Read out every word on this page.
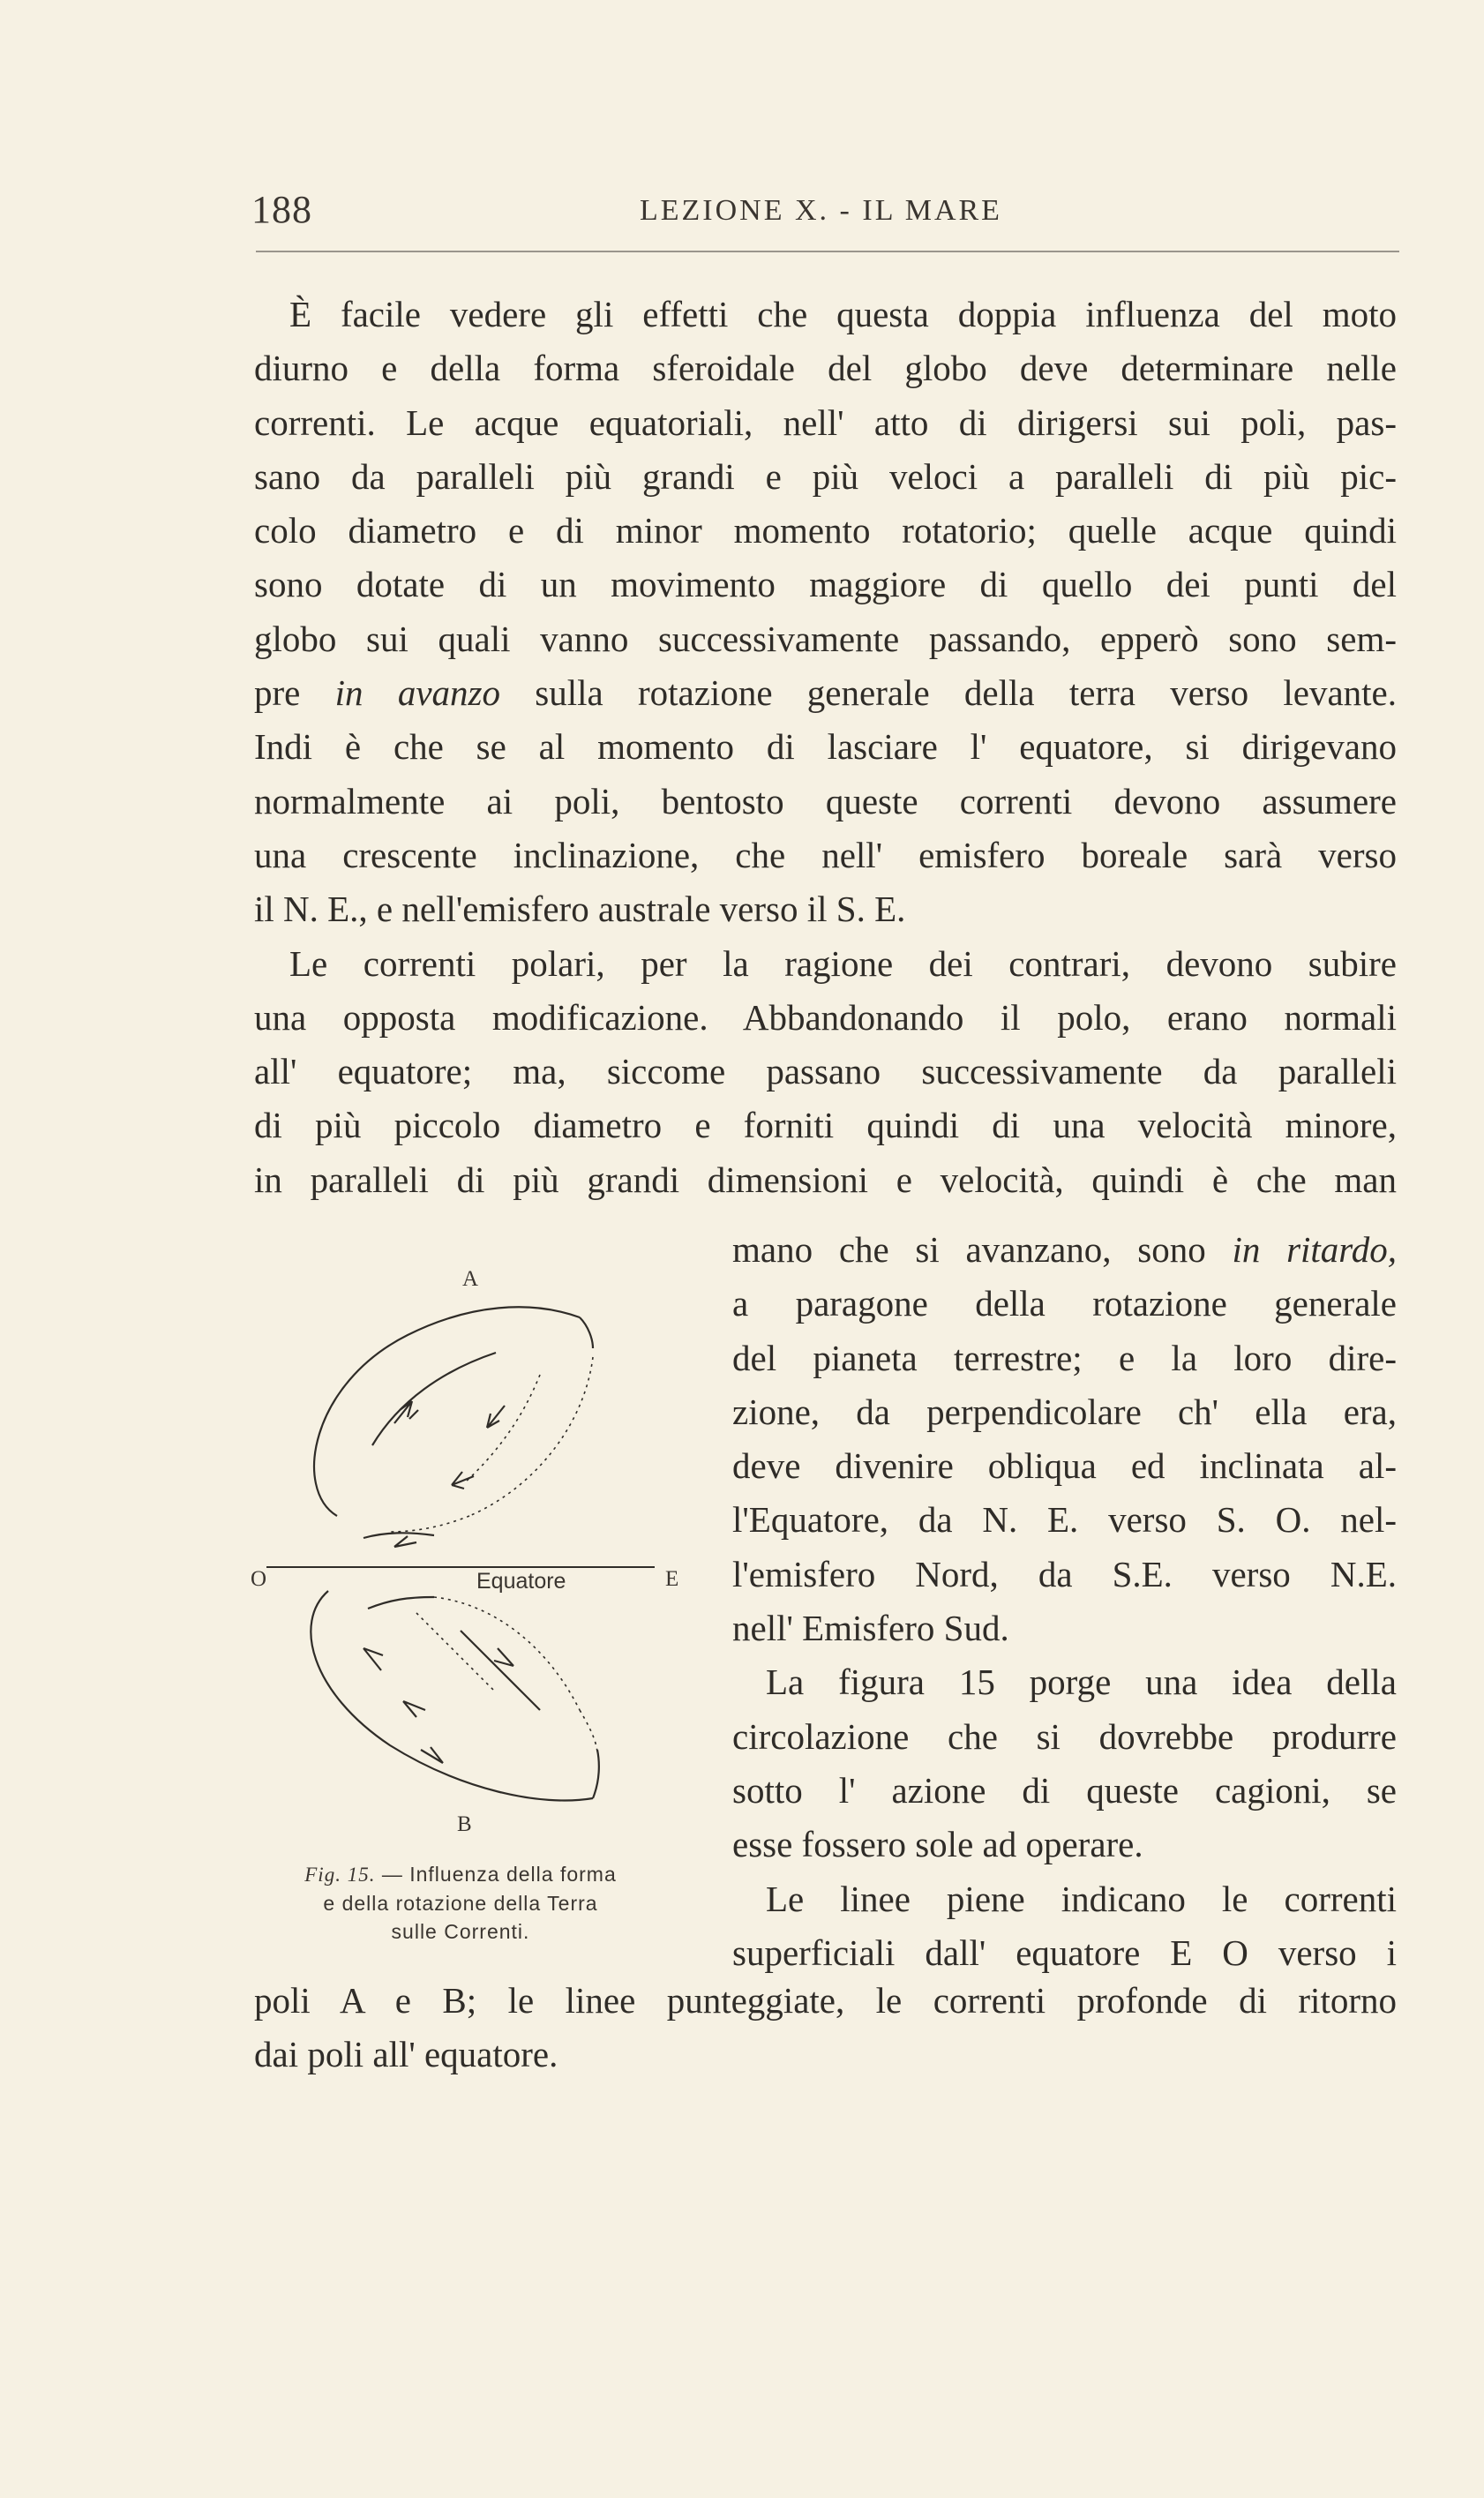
188	LEZIONE X. - IL MARE
È facile vedere gli effetti che questa doppia influenza del moto
diurno e della forma sferoidale del globo deve determinare nelle
correnti. Le acque equatoriali, nell' atto di dirigersi sui poli, pas-
sano da paralleli più grandi e più veloci a paralleli di più pic-
colo diametro e di minor momento rotatorio; quelle acque quindi
sono dotate di un movimento maggiore di quello dei punti del
globo sui quali vanno successivamente passando, epperò sono sem-
pre in avanzo sulla rotazione generale della terra verso levante.
Indi è che se al momento di lasciare l' equatore, si dirigevano
normalmente ai poli, bentosto queste correnti devono assumere
una crescente inclinazione, che nell' emisfero boreale sarà verso
il N. E., e nell'emisfero australe verso il S. E.
Le correnti polari, per la ragione dei contrari, devono subire
una opposta modificazione. Abbandonando il polo, erano normali
all' equatore; ma, siccome passano successivamente da paralleli
di più piccolo diametro e forniti quindi di una velocità minore,
in paralleli di più grandi dimensioni e velocità, quindi è che man
mano che si avanzano, sono in ritardo,
a paragone della rotazione generale
del pianeta terrestre; e la loro dire-
zione, da perpendicolare ch' ella era,
deve divenire obliqua ed inclinata al-
l'Equatore, da N. E. verso S. O. nel-
l'emisfero Nord, da S.E. verso N.E.
nell' Emisfero Sud.
La figura 15 porge una idea della
circolazione che si dovrebbe produrre
sotto l' azione di queste cagioni, se
esse fossero sole ad operare.
Le linee piene indicano le correnti
superficiali dall' equatore E O verso i
poli A e B; le linee punteggiate, le correnti profonde di ritorno
dai poli all' equatore.
A
O	Equatore	E
B
Fig. 15. — Influenza della forma
e della rotazione della Terra
sulle Correnti.
